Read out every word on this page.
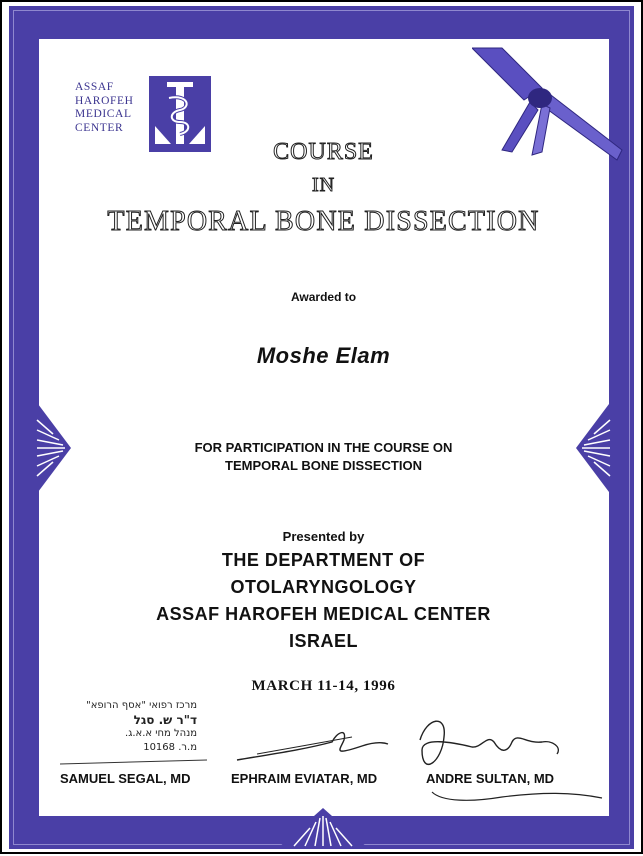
ASSAF
HAROFEH
MEDICAL
CENTER
COURSE
IN
TEMPORAL BONE DISSECTION
Awarded to
Moshe Elam
FOR PARTICIPATION IN THE COURSE ON
TEMPORAL BONE DISSECTION
Presented by
THE DEPARTMENT OF
OTOLARYNGOLOGY
ASSAF HAROFEH MEDICAL CENTER
ISRAEL
MARCH 11-14, 1996
מרכז רפואי "אסף הרופא"
ד"ר ש. סגל
מנהל מחי א.א.ג.
מ.ר. 10168
SAMUEL SEGAL, MD	EPHRAIM EVIATAR, MD	ANDRE SULTAN, MD
